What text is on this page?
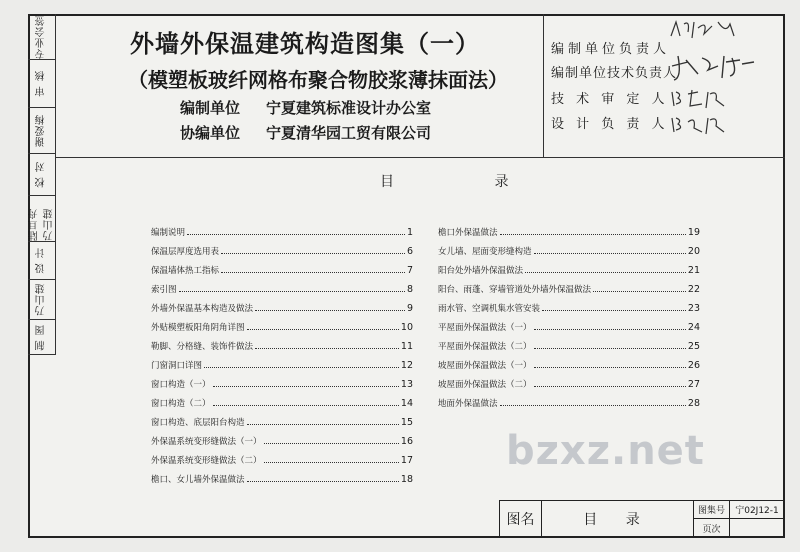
专业会签
审 核
谢爱梅
校 对
陆旦舟 乃山建
设 计
乃山建
制 图
外墙外保温建筑构造图集（一）
（模塑板玻纤网格布聚合物胶浆薄抹面法）
编制单位 宁夏建筑标准设计办公室
协编单位 宁夏清华园工贸有限公司
编制单位负责人
编制单位技术负责人
技 术 审 定 人
设 计 负 责 人
目 录
编制说明	1
保温层厚度选用表	6
保温墙体热工指标	7
索引图	8
外墙外保温基本构造及做法	9
外贴模塑板阳角阴角详图	10
勒脚、分格缝、装饰件做法	11
门窗洞口详图	12
窗口构造（一）	13
窗口构造（二）	14
窗口构造、底层阳台构造	15
外保温系统变形缝做法（一）	16
外保温系统变形缝做法（二）	17
檐口、女儿墙外保温做法	18
檐口外保温做法	19
女儿墙、屋面变形缝构造	20
阳台处外墙外保温做法	21
阳台、雨蓬、穿墙管道处外墙外保温做法	22
雨水管、空调机集水管安装	23
平屋面外保温做法（一）	24
平屋面外保温做法（二）	25
坡屋面外保温做法（一）	26
坡屋面外保温做法（二）	27
地面外保温做法	28
bzxz.net
图名	目 录
图集号	宁02J12-1
页次
